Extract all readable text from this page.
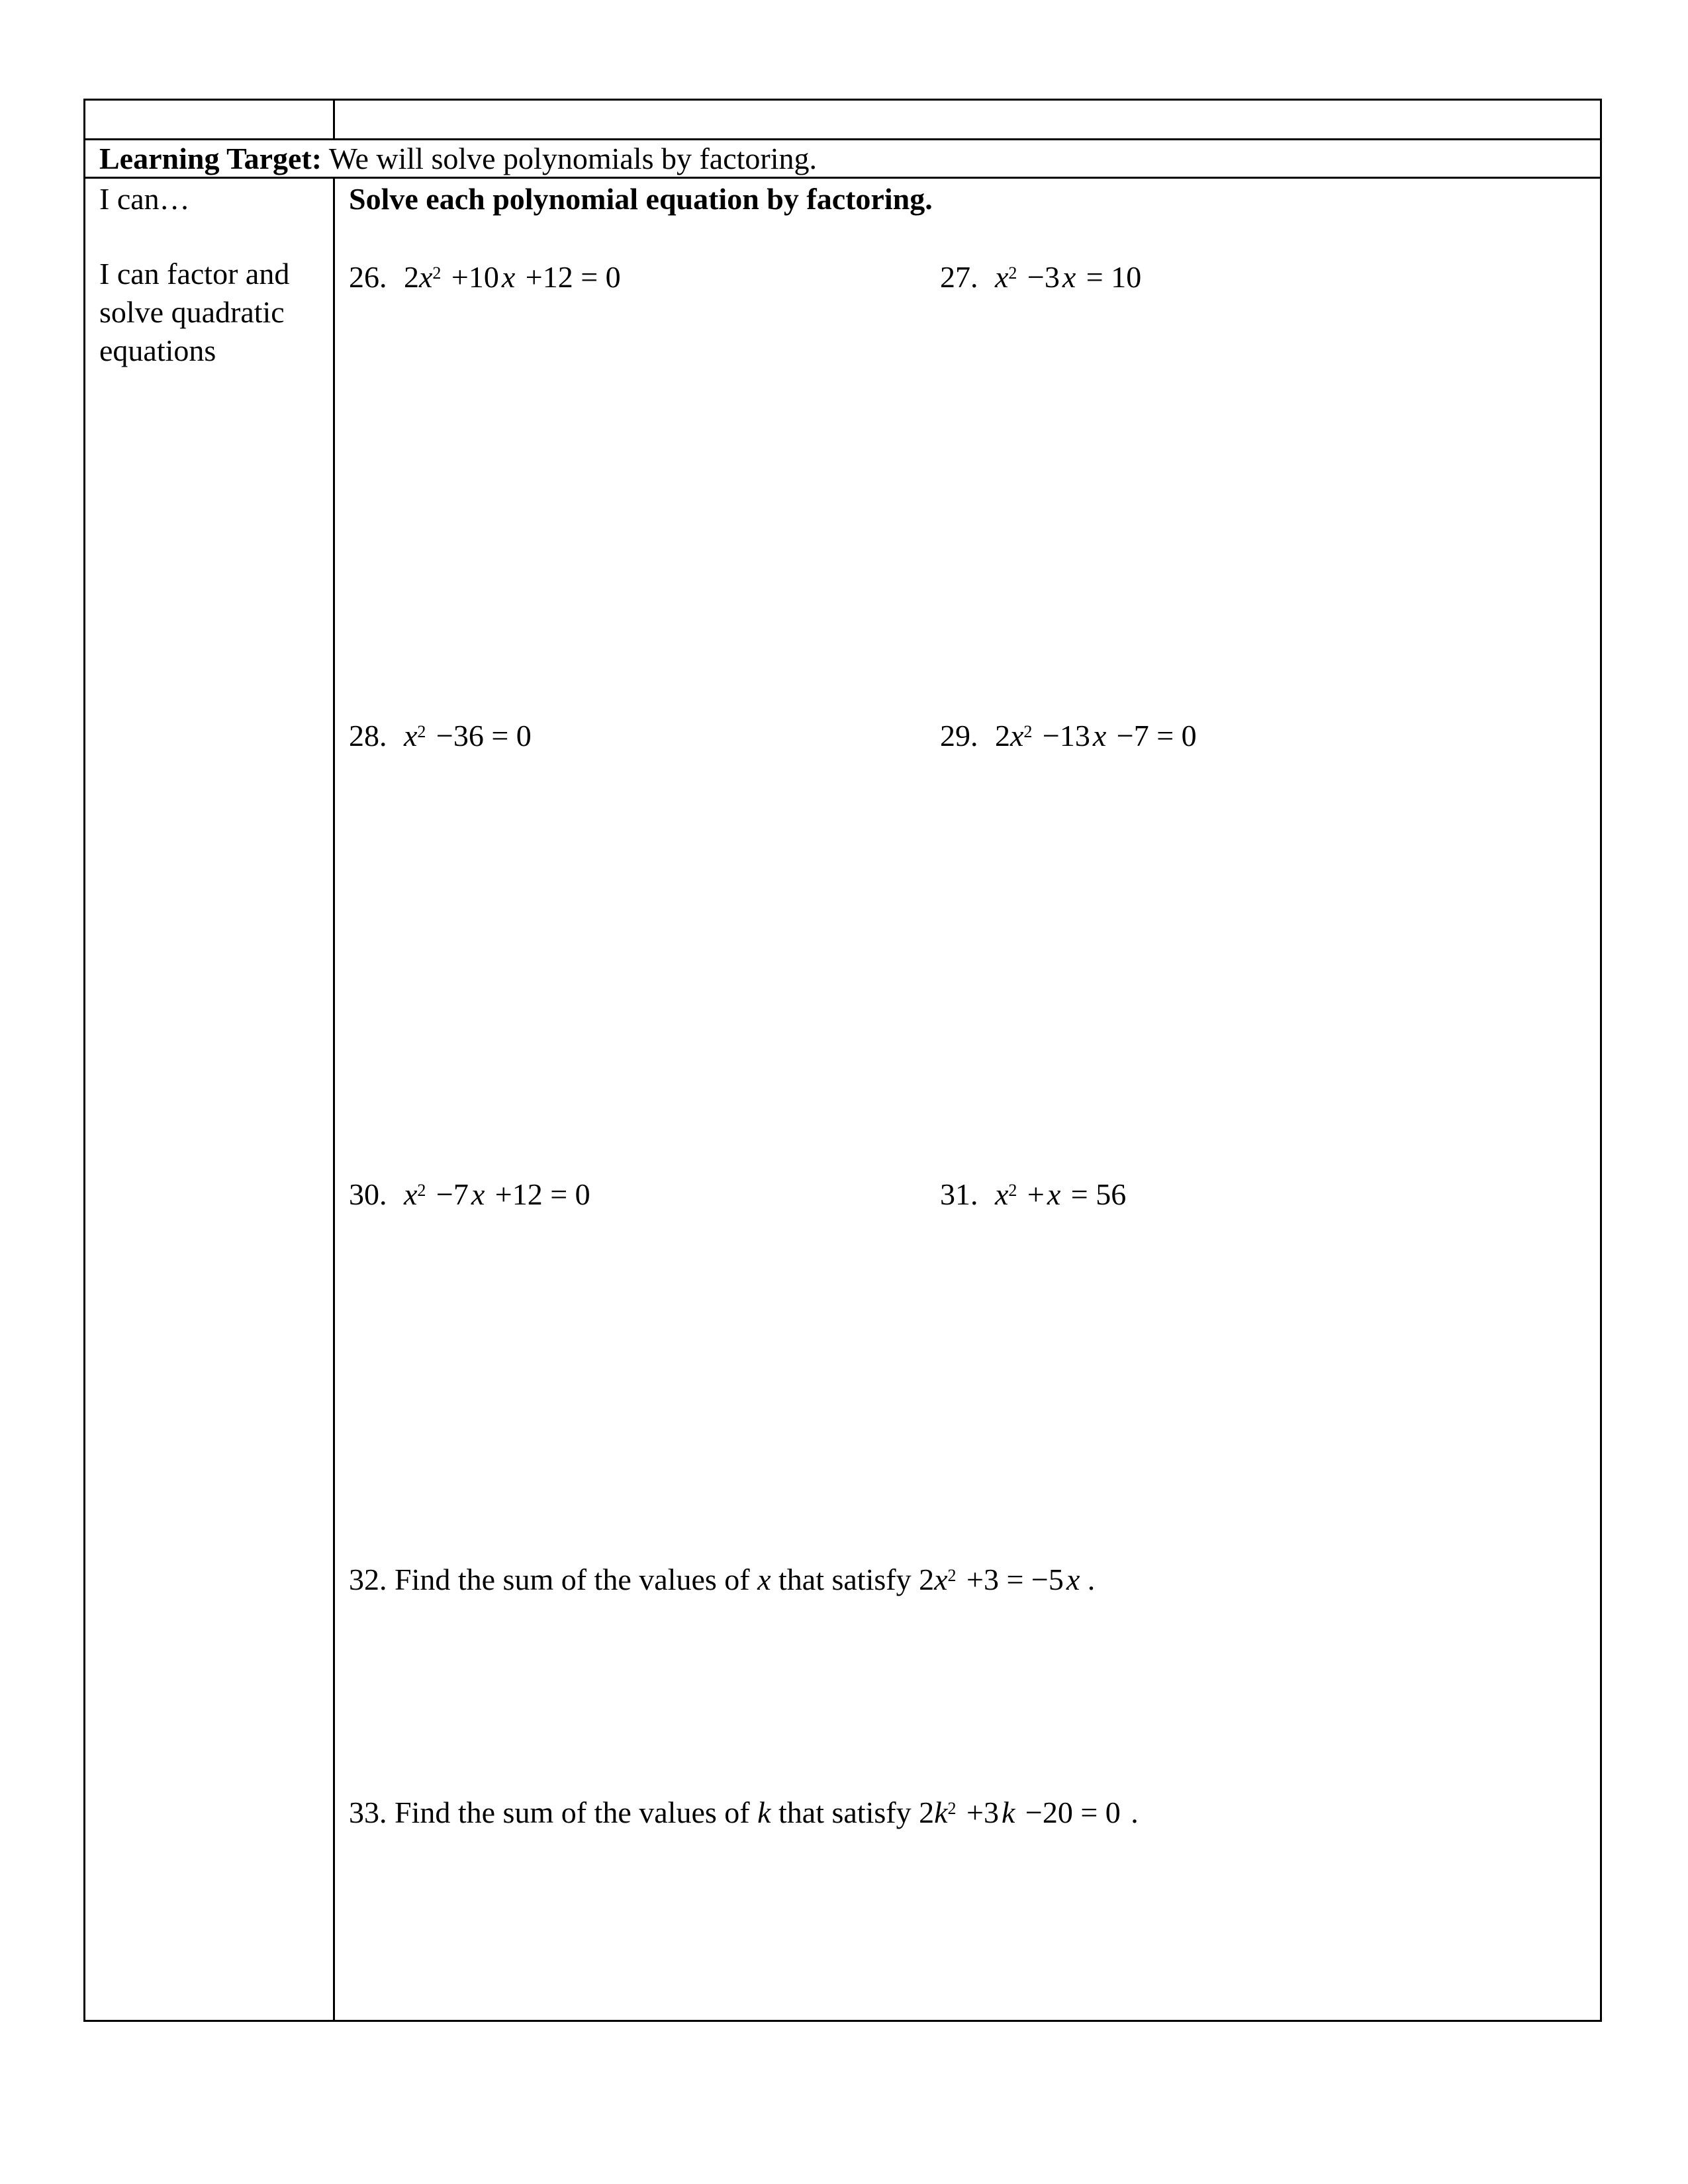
Learning Target: We will solve polynomials by factoring.
I can…
I can factor and
solve quadratic
equations
Solve each polynomial equation by factoring.
26. $2x^2 +10x +12 = 0$	27. $x^2 -3x = 10$
28. $x^2 -36 = 0$	29. $2x^2 -13x -7 = 0$
30. $x^2 -7x +12 = 0$	31. $x^2 +x = 56$
32. Find the sum of the values of x that satisfy $2x^2 +3 = -5x$ .
33. Find the sum of the values of k that satisfy $2k^2 +3k -20 = 0$ .
